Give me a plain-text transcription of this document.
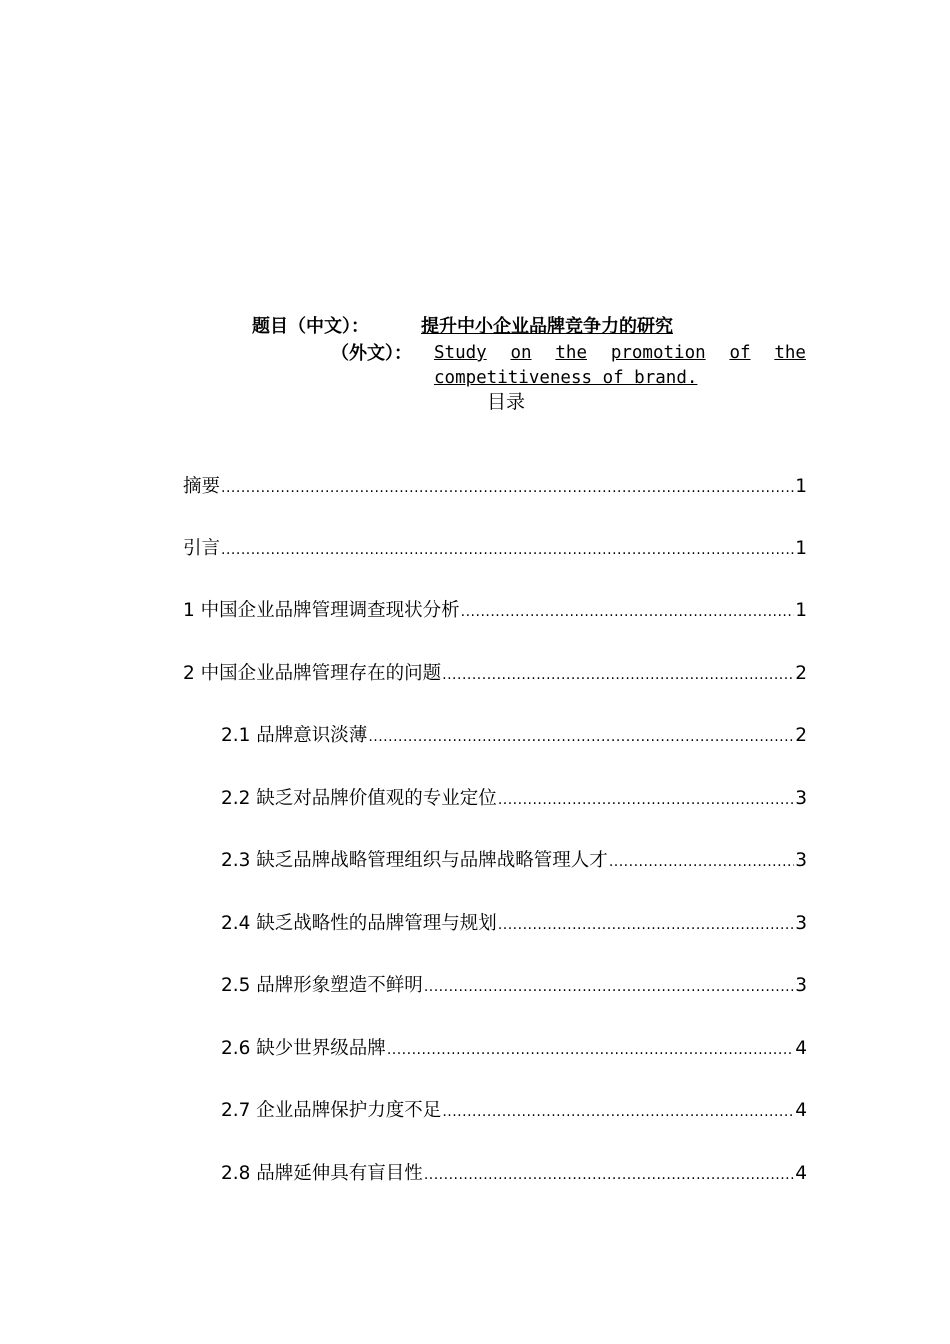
题目（中文）：	提升中小企业品牌竞争力的研究
（外文）： Study on the promotion of the
competitiveness of brand.
目录
摘要 .....	1
引言 .....	1
1 中国企业品牌管理调查现状分析 .....	1
2 中国企业品牌管理存在的问题 .....	2
2.1 品牌意识淡薄 .....	2
2.2 缺乏对品牌价值观的专业定位 .....	3
2.3 缺乏品牌战略管理组织与品牌战略管理人才 .....	3
2.4 缺乏战略性的品牌管理与规划 .....	3
2.5 品牌形象塑造不鲜明 .....	3
2.6 缺少世界级品牌 .....	4
2.7 企业品牌保护力度不足 .....	4
2.8 品牌延伸具有盲目性 .....	4
